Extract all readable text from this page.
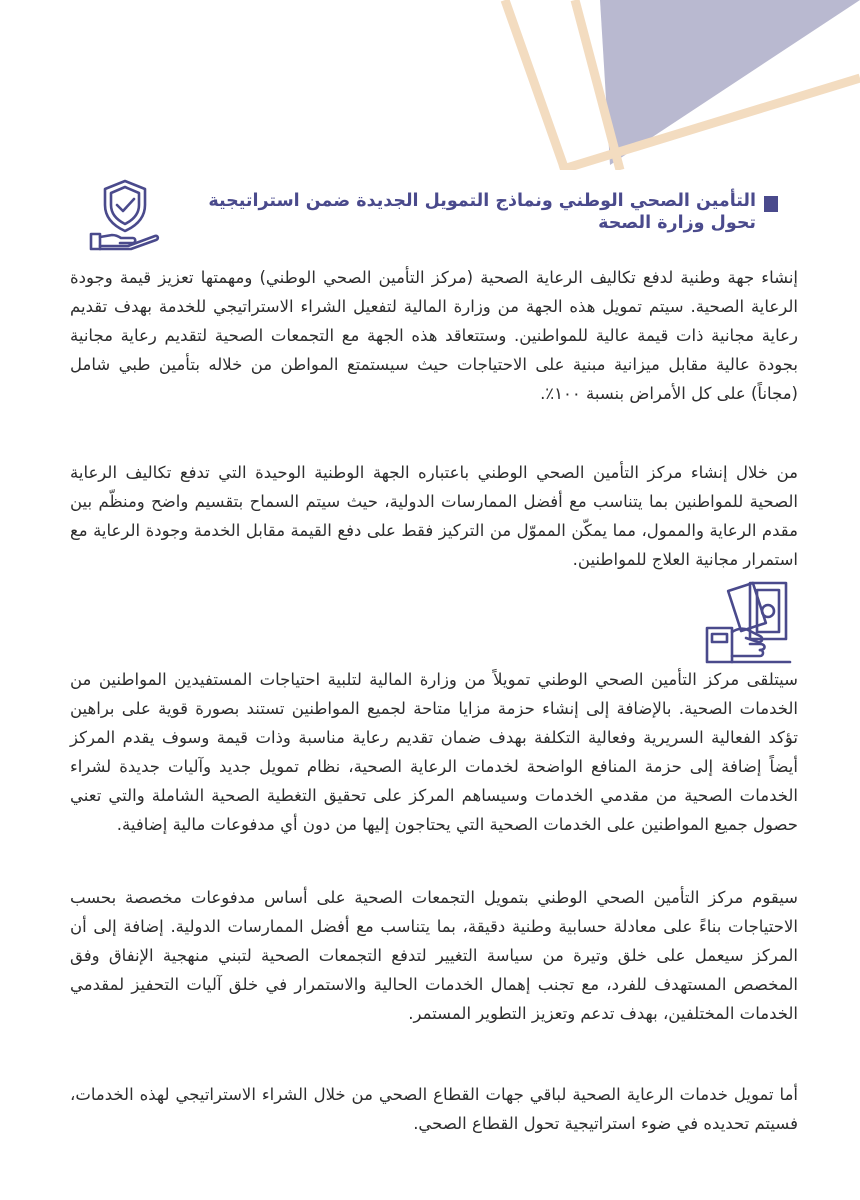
التأمين الصحي الوطني ونماذج التمويل الجديدة ضمن استراتيجية تحول وزارة الصحة

إنشاء جهة وطنية لدفع تكاليف الرعاية الصحية (مركز التأمين الصحي الوطني) ومهمتها تعزيز قيمة وجودة الرعاية الصحية. سيتم تمويل هذه الجهة من وزارة المالية لتفعيل الشراء الاستراتيجي للخدمة بهدف تقديم رعاية مجانية ذات قيمة عالية للمواطنين. وستتعاقد هذه الجهة مع التجمعات الصحية لتقديم رعاية مجانية بجودة عالية مقابل ميزانية مبنية على الاحتياجات حيث سيستمتع المواطن من خلاله بتأمين طبي شامل (مجاناً) على كل الأمراض بنسبة ١٠٠٪.

من خلال إنشاء مركز التأمين الصحي الوطني باعتباره الجهة الوطنية الوحيدة التي تدفع تكاليف الرعاية الصحية للمواطنين بما يتناسب مع أفضل الممارسات الدولية، حيث سيتم السماح بتقسيم واضح ومنظّم بين مقدم الرعاية والممول، مما يمكّن المموّل من التركيز فقط على دفع القيمة مقابل الخدمة وجودة الرعاية مع استمرار مجانية العلاج للمواطنين.

سيتلقى مركز التأمين الصحي الوطني تمويلاً من وزارة المالية لتلبية احتياجات المستفيدين المواطنين من الخدمات الصحية. بالإضافة إلى إنشاء حزمة مزايا متاحة لجميع المواطنين تستند بصورة قوية على براهين تؤكد الفعالية السريرية وفعالية التكلفة بهدف ضمان تقديم رعاية مناسبة وذات قيمة وسوف يقدم المركز أيضاً إضافة إلى حزمة المنافع الواضحة لخدمات الرعاية الصحية، نظام تمويل جديد وآليات جديدة لشراء الخدمات الصحية من مقدمي الخدمات وسيساهم المركز على تحقيق التغطية الصحية الشاملة والتي تعني حصول جميع المواطنين على الخدمات الصحية التي يحتاجون إليها من دون أي مدفوعات مالية إضافية.

سيقوم مركز التأمين الصحي الوطني بتمويل التجمعات الصحية على أساس مدفوعات مخصصة بحسب الاحتياجات بناءً على معادلة حسابية وطنية دقيقة، بما يتناسب مع أفضل الممارسات الدولية. إضافة إلى أن المركز سيعمل على خلق وتيرة من سياسة التغيير لتدفع التجمعات الصحية لتبني منهجية الإنفاق وفق المخصص المستهدف للفرد، مع تجنب إهمال الخدمات الحالية والاستمرار في خلق آليات التحفيز لمقدمي الخدمات المختلفين، بهدف تدعم وتعزيز التطوير المستمر.

أما تمويل خدمات الرعاية الصحية لباقي جهات القطاع الصحي من خلال الشراء الاستراتيجي لهذه الخدمات، فسيتم تحديده في ضوء استراتيجية تحول القطاع الصحي.
